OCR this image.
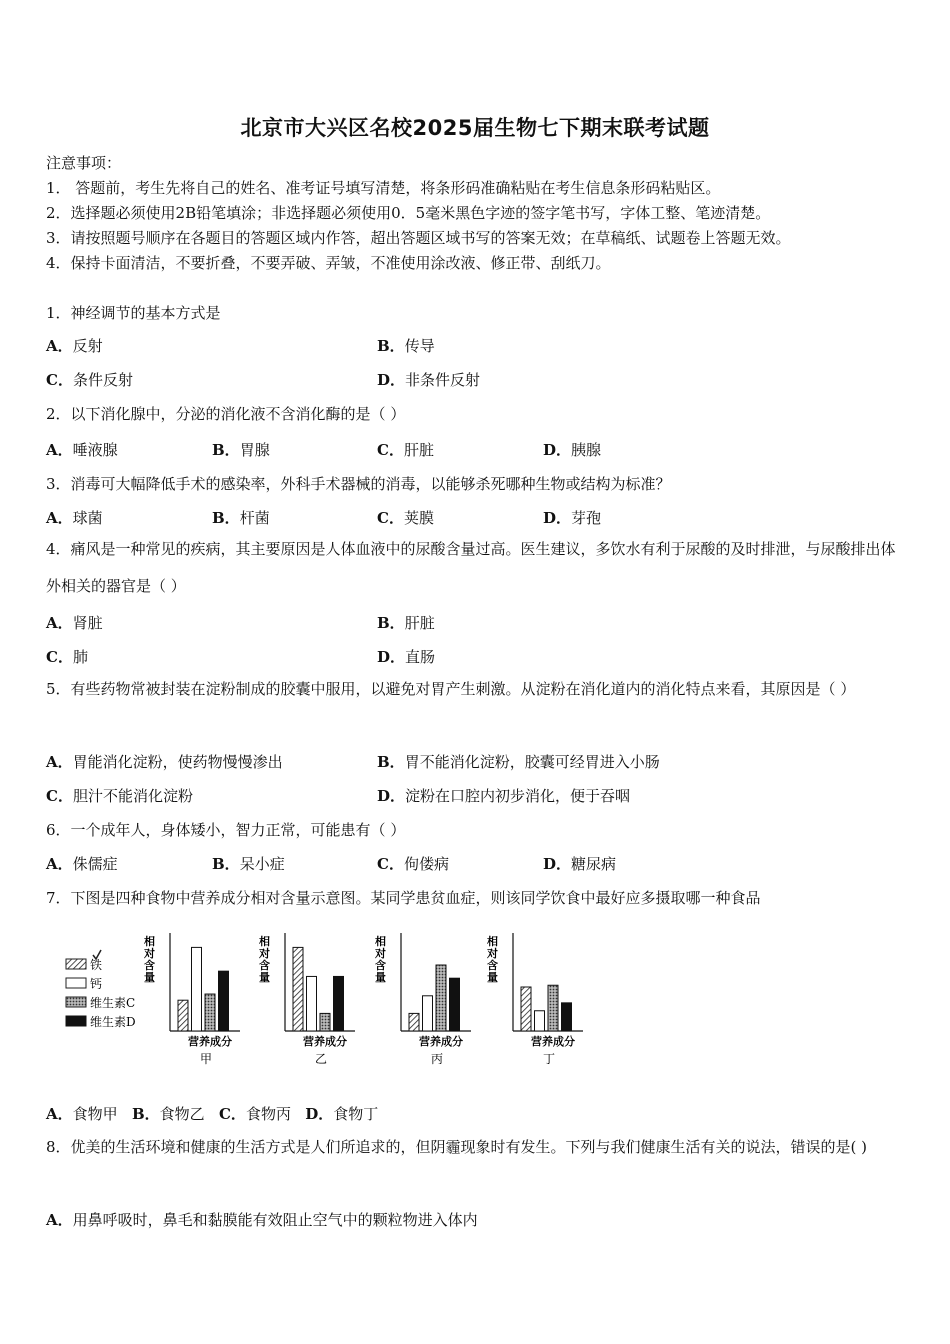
北京市大兴区名校2025届生物七下期末联考试题
注意事项：
1． 答题前，考生先将自己的姓名、准考证号填写清楚，将条形码准确粘贴在考生信息条形码粘贴区。
2．选择题必须使用2B铅笔填涂；非选择题必须使用0．5毫米黑色字迹的签字笔书写，字体工整、笔迹清楚。
3．请按照题号顺序在各题目的答题区域内作答，超出答题区域书写的答案无效；在草稿纸、试题卷上答题无效。
4．保持卡面清洁，不要折叠，不要弄破、弄皱，不准使用涂改液、修正带、刮纸刀。
1．神经调节的基本方式是
A．反射	B．传导
C．条件反射	D．非条件反射
2．以下消化腺中，分泌的消化液不含消化酶的是（ ）
A．唾液腺	B．胃腺	C．肝脏	D．胰腺
3．消毒可大幅降低手术的感染率，外科手术器械的消毒，以能够杀死哪种生物或结构为标准？
A．球菌	B．杆菌	C．荚膜	D．芽孢
4．痛风是一种常见的疾病，其主要原因是人体血液中的尿酸含量过高。医生建议，多饮水有利于尿酸的及时排泄，与尿酸排出体外相关的器官是（ ）
A．肾脏	B．肝脏
C．肺	D．直肠
5．有些药物常被封装在淀粉制成的胶囊中服用，以避免对胃产生刺激。从淀粉在消化道内的消化特点来看，其原因是（ ）
A．胃能消化淀粉，使药物慢慢渗出	B．胃不能消化淀粉，胶囊可经胃进入小肠
C．胆汁不能消化淀粉	D．淀粉在口腔内初步消化，便于吞咽
6．一个成年人，身体矮小，智力正常，可能患有（ ）
A．侏儒症	B．呆小症	C．佝偻病	D．糖尿病
7．下图是四种食物中营养成分相对含量示意图。某同学患贫血症，则该同学饮食中最好应多摄取哪一种食品
铁
钙
维生素C
维生素D
相
对
含
量
营养成分
甲
相
对
含
量
营养成分
乙
相
对
含
量
营养成分
丙
相
对
含
量
营养成分
丁
A．食物甲 B．食物乙 C．食物丙 D．食物丁
8．优美的生活环境和健康的生活方式是人们所追求的，但阴霾现象时有发生。下列与我们健康生活有关的说法，错误的是( )
A．用鼻呼吸时，鼻毛和黏膜能有效阻止空气中的颗粒物进入体内
